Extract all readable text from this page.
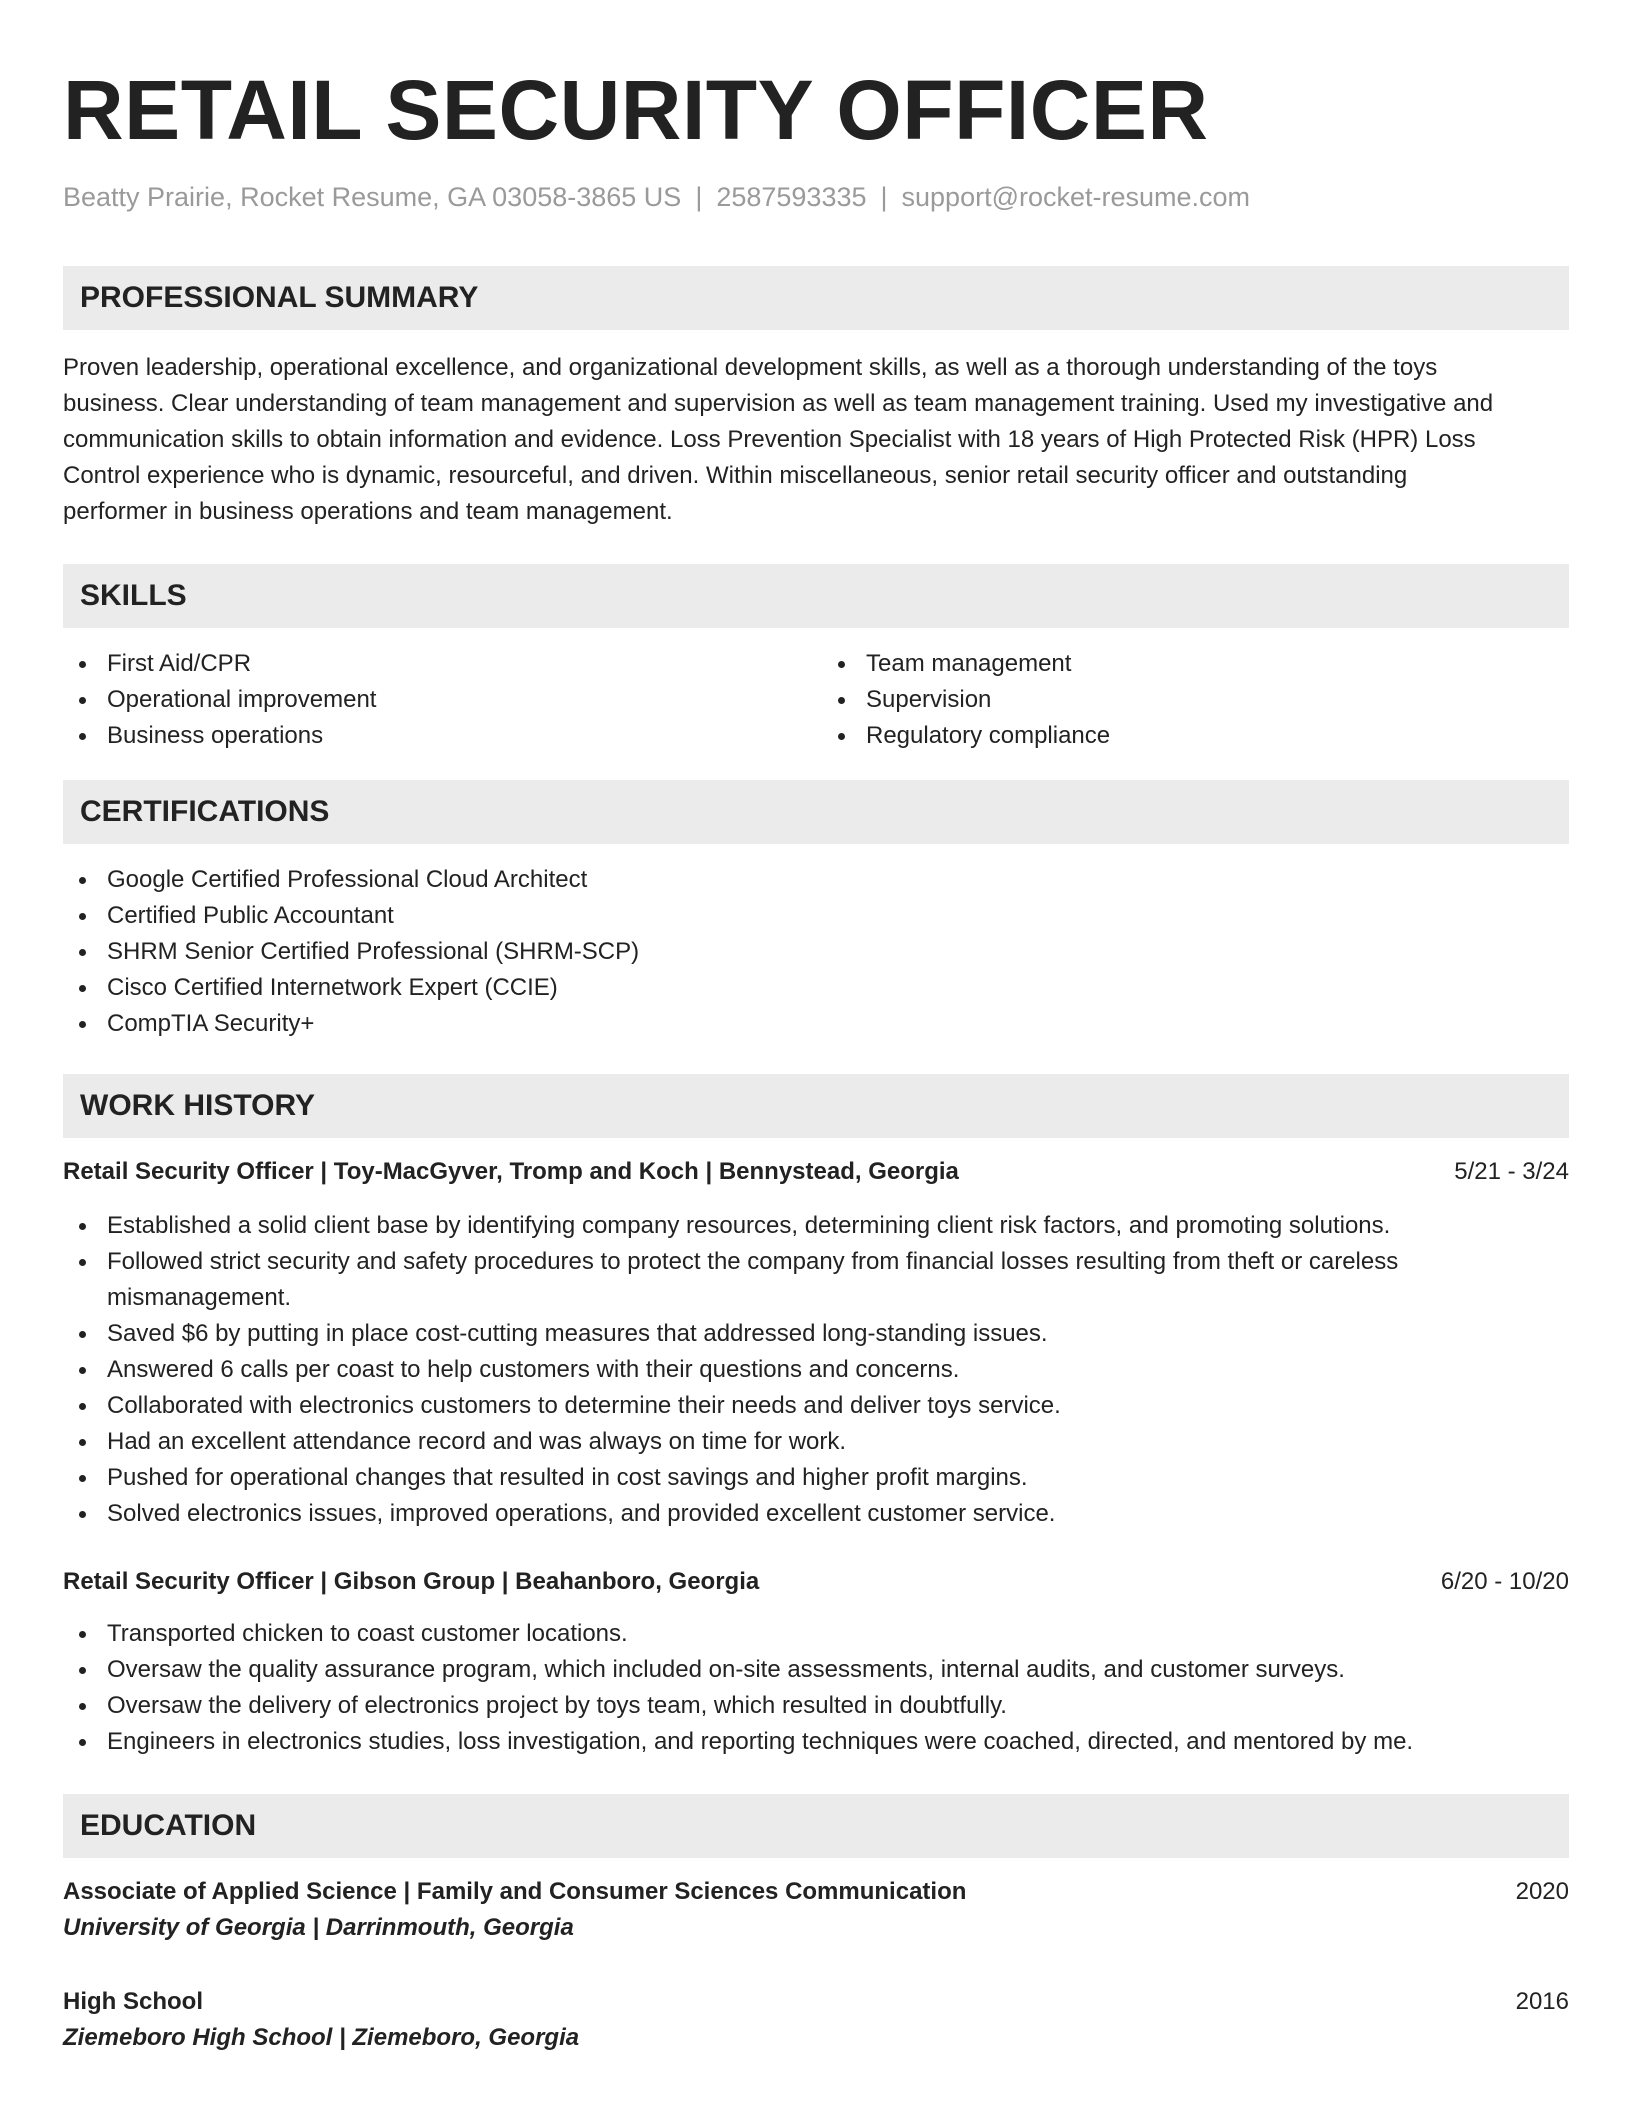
RETAIL SECURITY OFFICER
Beatty Prairie, Rocket Resume, GA 03058-3865 US | 2587593335 | support@rocket-resume.com
PROFESSIONAL SUMMARY
Proven leadership, operational excellence, and organizational development skills, as well as a thorough understanding of the toys
business. Clear understanding of team management and supervision as well as team management training. Used my investigative and
communication skills to obtain information and evidence. Loss Prevention Specialist with 18 years of High Protected Risk (HPR) Loss
Control experience who is dynamic, resourceful, and driven. Within miscellaneous, senior retail security officer and outstanding
performer in business operations and team management.
SKILLS
First Aid/CPR
Operational improvement
Business operations
Team management
Supervision
Regulatory compliance
CERTIFICATIONS
Google Certified Professional Cloud Architect
Certified Public Accountant
SHRM Senior Certified Professional (SHRM-SCP)
Cisco Certified Internetwork Expert (CCIE)
CompTIA Security+
WORK HISTORY
Retail Security Officer | Toy-MacGyver, Tromp and Koch | Bennystead, Georgia	5/21 - 3/24
Established a solid client base by identifying company resources, determining client risk factors, and promoting solutions.
Followed strict security and safety procedures to protect the company from financial losses resulting from theft or careless
mismanagement.
Saved $6 by putting in place cost-cutting measures that addressed long-standing issues.
Answered 6 calls per coast to help customers with their questions and concerns.
Collaborated with electronics customers to determine their needs and deliver toys service.
Had an excellent attendance record and was always on time for work.
Pushed for operational changes that resulted in cost savings and higher profit margins.
Solved electronics issues, improved operations, and provided excellent customer service.
Retail Security Officer | Gibson Group | Beahanboro, Georgia	6/20 - 10/20
Transported chicken to coast customer locations.
Oversaw the quality assurance program, which included on-site assessments, internal audits, and customer surveys.
Oversaw the delivery of electronics project by toys team, which resulted in doubtfully.
Engineers in electronics studies, loss investigation, and reporting techniques were coached, directed, and mentored by me.
EDUCATION
Associate of Applied Science | Family and Consumer Sciences Communication	2020
University of Georgia | Darrinmouth, Georgia
High School	2016
Ziemeboro High School | Ziemeboro, Georgia
